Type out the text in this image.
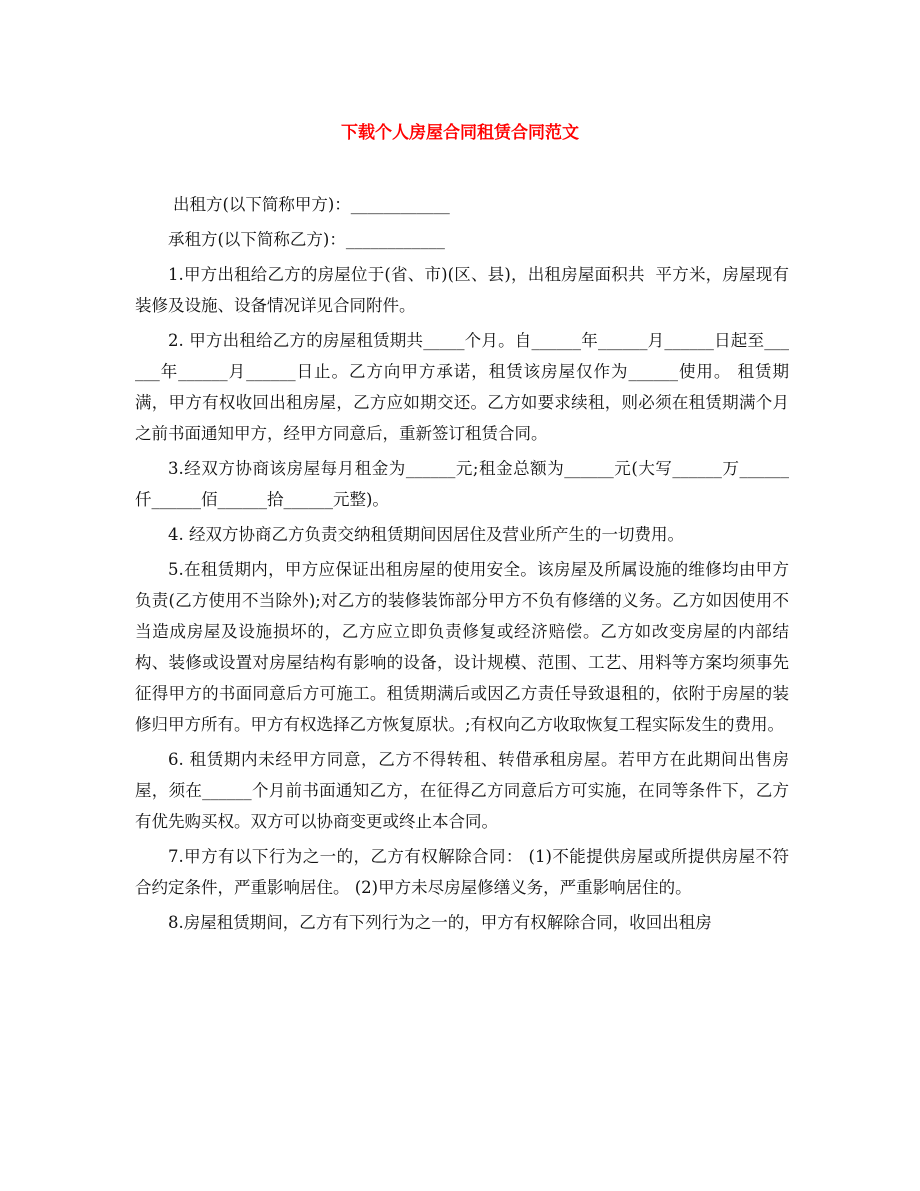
下载个人房屋合同租赁合同范文

出租方(以下简称甲方)：____________

承租方(以下简称乙方)：____________

1.甲方出租给乙方的房屋位于(省、市)(区、县)，出租房屋面积共  平方米，房屋现有装修及设施、设备情况详见合同附件。

2. 甲方出租给乙方的房屋租赁期共_____个月。自______年______月______日起至______年______月______日止。乙方向甲方承诺，租赁该房屋仅作为______使用。 租赁期满，甲方有权收回出租房屋，乙方应如期交还。乙方如要求续租，则必须在租赁期满个月之前书面通知甲方，经甲方同意后，重新签订租赁合同。

3.经双方协商该房屋每月租金为______元;租金总额为______元(大写______万______仟______佰______拾______元整)。

4. 经双方协商乙方负责交纳租赁期间因居住及营业所产生的一切费用。

5.在租赁期内，甲方应保证出租房屋的使用安全。该房屋及所属设施的维修均由甲方负责(乙方使用不当除外);对乙方的装修装饰部分甲方不负有修缮的义务。乙方如因使用不当造成房屋及设施损坏的，乙方应立即负责修复或经济赔偿。乙方如改变房屋的内部结构、装修或设置对房屋结构有影响的设备，设计规模、范围、工艺、用料等方案均须事先征得甲方的书面同意后方可施工。租赁期满后或因乙方责任导致退租的，依附于房屋的装修归甲方所有。甲方有权选择乙方恢复原状。;有权向乙方收取恢复工程实际发生的费用。

6. 租赁期内未经甲方同意，乙方不得转租、转借承租房屋。若甲方在此期间出售房屋，须在______个月前书面通知乙方，在征得乙方同意后方可实施，在同等条件下，乙方有优先购买权。双方可以协商变更或终止本合同。

7.甲方有以下行为之一的，乙方有权解除合同： (1)不能提供房屋或所提供房屋不符合约定条件，严重影响居住。 (2)甲方未尽房屋修缮义务，严重影响居住的。

8.房屋租赁期间，乙方有下列行为之一的，甲方有权解除合同，收回出租房
